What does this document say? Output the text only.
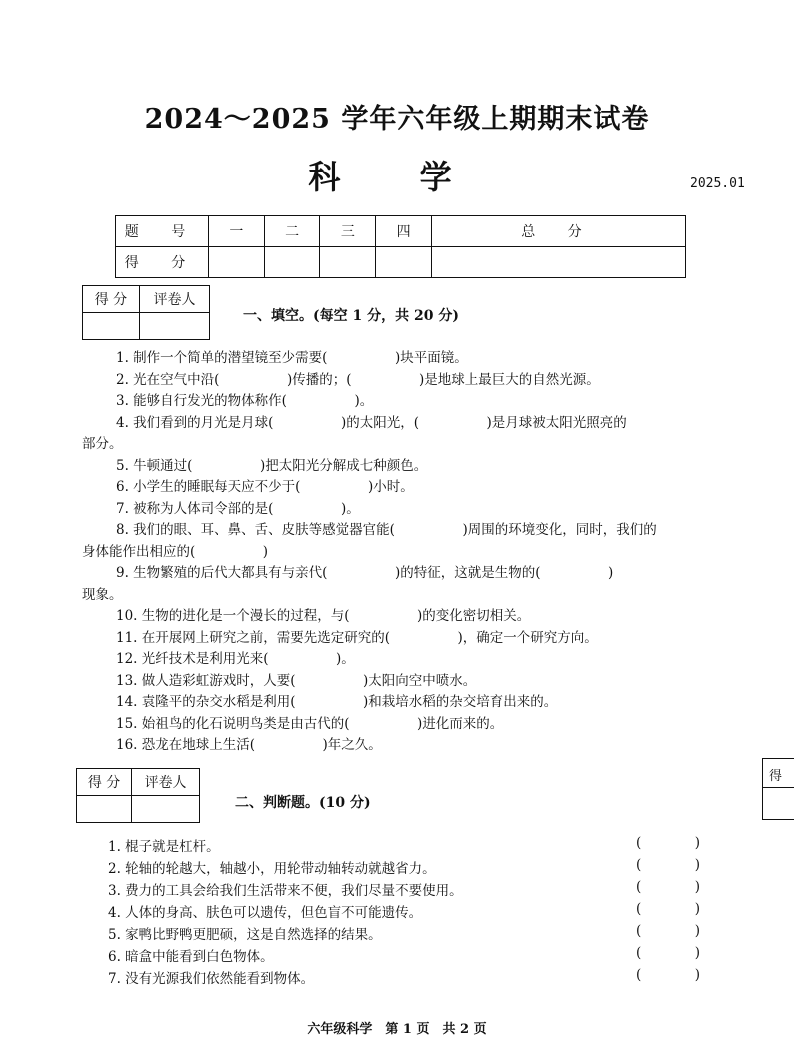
2024～2025 学年六年级上期期末试卷
科 学	2025.01
题 号	一	二	三	四	总 分
得 分					
得 分	评卷人

一、填空。(每空 1 分，共 20 分)
1. 制作一个简单的潜望镜至少需要(　　　　　)块平面镜。
2. 光在空气中沿(　　　　　)传播的；(　　　　　)是地球上最巨大的自然光源。
3. 能够自行发光的物体称作(　　　　　)。
4. 我们看到的月光是月球(　　　　　)的太阳光，(　　　　　)是月球被太阳光照亮的
部分。
5. 牛顿通过(　　　　　)把太阳光分解成七种颜色。
6. 小学生的睡眠每天应不少于(　　　　　)小时。
7. 被称为人体司令部的是(　　　　　)。
8. 我们的眼、耳、鼻、舌、皮肤等感觉器官能(　　　　　)周围的环境变化，同时，我们的
身体能作出相应的(　　　　　)
9. 生物繁殖的后代大都具有与亲代(　　　　　)的特征，这就是生物的(　　　　　)
现象。
10. 生物的进化是一个漫长的过程，与(　　　　　)的变化密切相关。
11. 在开展网上研究之前，需要先选定研究的(　　　　　)，确定一个研究方向。
12. 光纤技术是利用光来(　　　　　)。
13. 做人造彩虹游戏时，人要(　　　　　)太阳向空中喷水。
14. 袁隆平的杂交水稻是利用(　　　　　)和栽培水稻的杂交培育出来的。
15. 始祖鸟的化石说明鸟类是由古代的(　　　　　)进化而来的。
16. 恐龙在地球上生活(　　　　　)年之久。
得 分	评卷人

二、判断题。(10 分)
1. 棍子就是杠杆。	(	)
2. 轮轴的轮越大，轴越小，用轮带动轴转动就越省力。	(	)
3. 费力的工具会给我们生活带来不便，我们尽量不要使用。	(	)
4. 人体的身高、肤色可以遗传，但色盲不可能遗传。	(	)
5. 家鸭比野鸭更肥硕，这是自然选择的结果。	(	)
6. 暗盒中能看到白色物体。	(	)
7. 没有光源我们依然能看到物体。	(	)
得
六年级科学　第 1 页　共 2 页
